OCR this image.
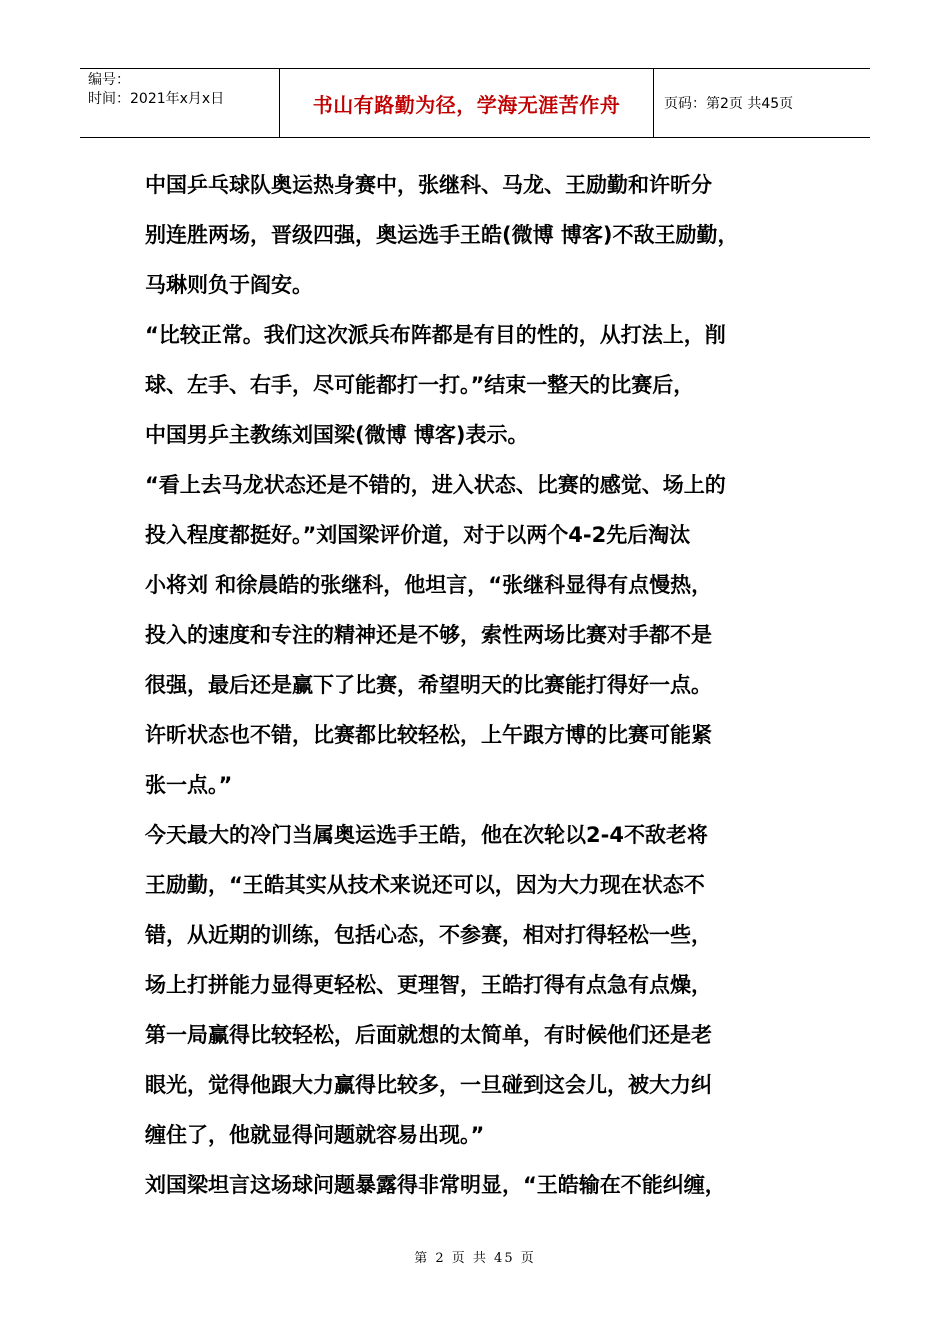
编号：
时间：2021年x月x日	书山有路勤为径，学海无涯苦作舟	页码：第2页 共45页

中国乒乓球队奥运热身赛中，张继科、马龙、王励勤和许昕分

别连胜两场，晋级四强，奥运选手王皓(微博 博客)不敌王励勤，

马琳则负于阎安。

“比较正常。我们这次派兵布阵都是有目的性的，从打法上，削

球、左手、右手，尽可能都打一打。”结束一整天的比赛后，

中国男乒主教练刘国梁(微博 博客)表示。

“看上去马龙状态还是不错的，进入状态、比赛的感觉、场上的

投入程度都挺好。”刘国梁评价道，对于以两个4-2先后淘汰

小将刘 和徐晨皓的张继科，他坦言，“张继科显得有点慢热，

投入的速度和专注的精神还是不够，索性两场比赛对手都不是

很强，最后还是赢下了比赛，希望明天的比赛能打得好一点。

许昕状态也不错，比赛都比较轻松，上午跟方博的比赛可能紧

张一点。”

今天最大的冷门当属奥运选手王皓，他在次轮以2-4不敌老将

王励勤，“王皓其实从技术来说还可以，因为大力现在状态不

错，从近期的训练，包括心态，不参赛，相对打得轻松一些，

场上打拼能力显得更轻松、更理智，王皓打得有点急有点燥，

第一局赢得比较轻松，后面就想的太简单，有时候他们还是老

眼光，觉得他跟大力赢得比较多，一旦碰到这会儿，被大力纠

缠住了，他就显得问题就容易出现。”

刘国梁坦言这场球问题暴露得非常明显，“王皓输在不能纠缠，

第 2 页 共 45 页
